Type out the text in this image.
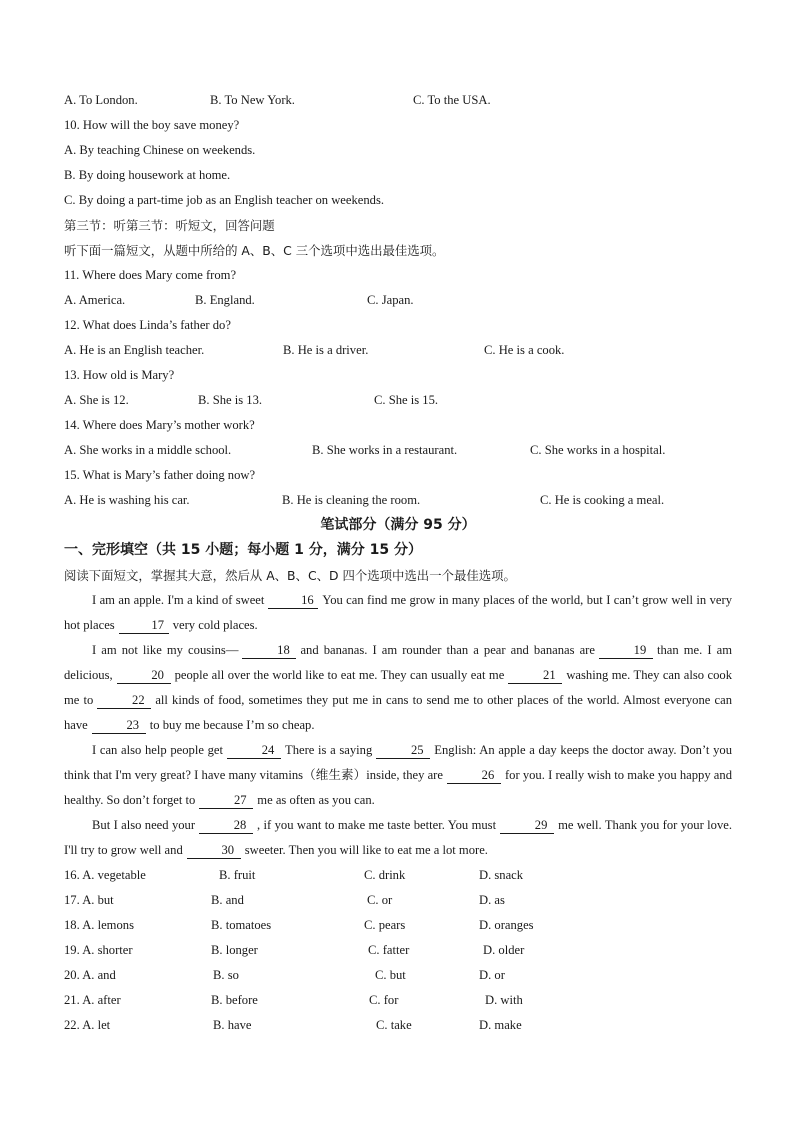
A. To London.	B. To New York.	C. To the USA.
10. How will the boy save money?
A. By teaching Chinese on weekends.
B. By doing housework at home.
C. By doing a part-time job as an English teacher on weekends.
第三节：听第三节：听短文，回答问题
听下面一篇短文，从题中所给的 A、B、C 三个选项中选出最佳选项。
11. Where does Mary come from?
A. America.	B. England.	C. Japan.
12. What does Linda’s father do?
A. He is an English teacher.	B. He is a driver.	C. He is a cook.
13. How old is Mary?
A. She is 12.	B. She is 13.	C. She is 15.
14. Where does Mary’s mother work?
A. She works in a middle school.	B. She works in a restaurant.	C. She works in a hospital.
15. What is Mary’s father doing now?
A. He is washing his car.	B. He is cleaning the room.	C. He is cooking a meal.
笔试部分（满分 95 分）
一、完形填空（共 15 小题；每小题 1 分，满分 15 分）
阅读下面短文，掌握其大意，然后从 A、B、C、D 四个选项中选出一个最佳选项。
I am an apple. I'm a kind of sweet	16 You can find me grow in many places of the world, but I can’t grow well in very hot places	17 very cold places.
I am not like my cousins—	18 and bananas. I am rounder than a pear and bananas are	19 than me. I am delicious,	20 people all over the world like to eat me. They can usually eat me	21 washing me. They can also cook me to	22 all kinds of food, sometimes they put me in cans to send me to other places of the world. Almost everyone can have	23 to buy me because I’m so cheap.
I can also help people get	24 There is a saying	25 English: An apple a day keeps the doctor away. Don’t you think that I'm very great? I have many vitamins（维生素）inside, they are	26 for you. I really wish to make you happy and healthy. So don’t forget to	27 me as often as you can.
But I also need your	28 , if you want to make me taste better. You must	29 me well. Thank you for your love. I'll try to grow well and	30 sweeter. Then you will like to eat me a lot more.
16. A. vegetable	B. fruit	C. drink	D. snack
17. A. but	B. and	C. or	D. as
18. A. lemons	B. tomatoes	C. pears	D. oranges
19. A. shorter	B. longer	C. fatter	D. older
20. A. and	B. so	C. but	D. or
21. A. after	B. before	C. for	D. with
22. A. let	B. have	C. take	D. make
